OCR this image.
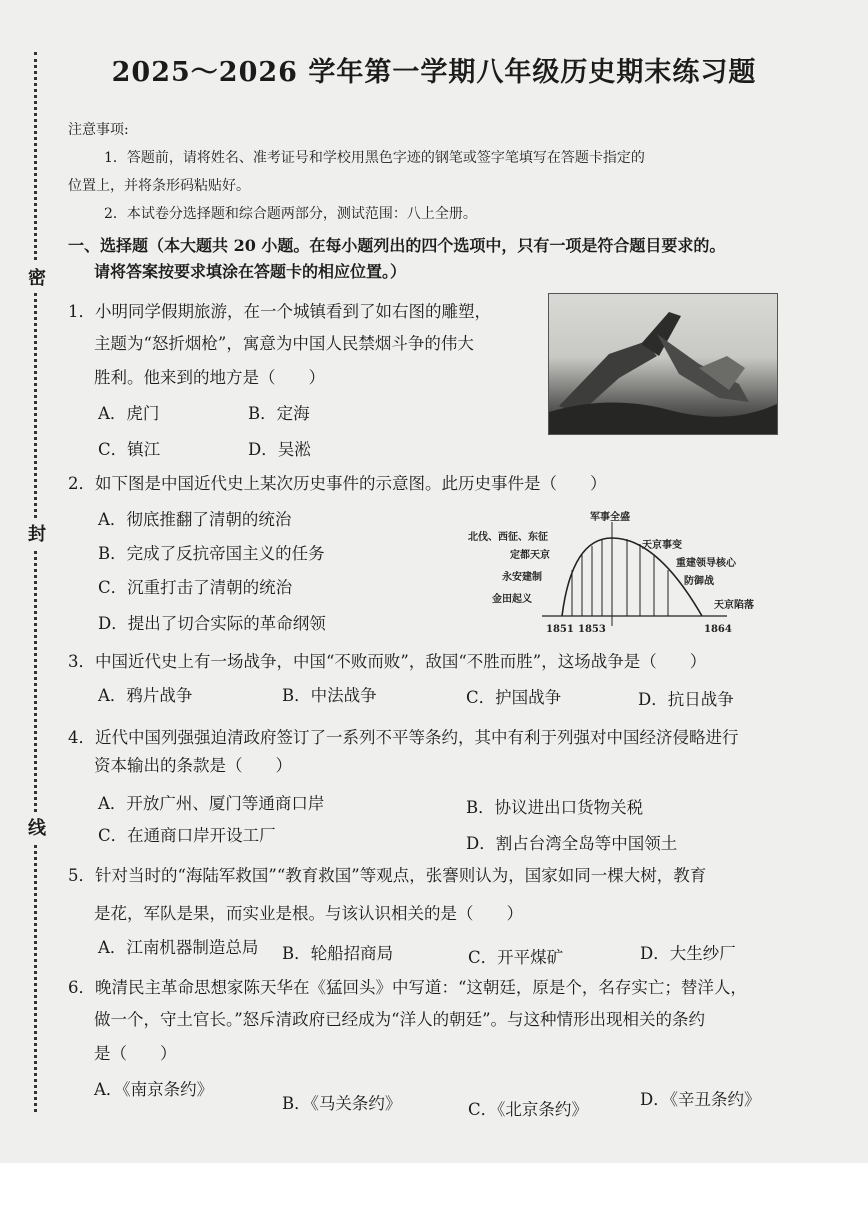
密
封
线
2025～2026 学年第一学期八年级历史期末练习题
注意事项:
1．答题前，请将姓名、准考证号和学校用黑色字迹的钢笔或签字笔填写在答题卡指定的
位置上，并将条形码粘贴好。
2．本试卷分选择题和综合题两部分，测试范围：八上全册。
一、选择题（本大题共 20 小题。在每小题列出的四个选项中，只有一项是符合题目要求的。
请将答案按要求填涂在答题卡的相应位置。）
1．小明同学假期旅游，在一个城镇看到了如右图的雕塑，
主题为“怒折烟枪”，寓意为中国人民禁烟斗争的伟大
胜利。他来到的地方是（　　）
A．虎门	B．定海
C．镇江	D．吴淞
2．如下图是中国近代史上某次历史事件的示意图。此历史事件是（　　）
A．彻底推翻了清朝的统治
B．完成了反抗帝国主义的任务
C．沉重打击了清朝的统治
D．提出了切合实际的革命纲领
军事全盛
北伐、西征、东征
定都天京
永安建制
金田起义
天京事变
重建领导核心
防御战
天京陷落
1851 1853	1864
3．中国近代史上有一场战争，中国“不败而败”，敌国“不胜而胜”，这场战争是（　　）
A．鸦片战争	B．中法战争	C．护国战争	D．抗日战争
4．近代中国列强强迫清政府签订了一系列不平等条约，其中有利于列强对中国经济侵略进行
资本输出的条款是（　　）
A．开放广州、厦门等通商口岸	B．协议进出口货物关税
C．在通商口岸开设工厂	D．割占台湾全岛等中国领土
5．针对当时的“海陆军救国”“教育救国”等观点，张謇则认为，国家如同一棵大树，教育
是花，军队是果，而实业是根。与该认识相关的是（　　）
A．江南机器制造总局 B．轮船招商局	C．开平煤矿	D．大生纱厂
6．晚清民主革命思想家陈天华在《猛回头》中写道：“这朝廷，原是个，名存实亡；替洋人，
做一个，守土官长。”怒斥清政府已经成为“洋人的朝廷”。与这种情形出现相关的条约
是（　　）
A．《南京条约》
B．《马关条约》	C．《北京条约》
D．《辛丑条约》
